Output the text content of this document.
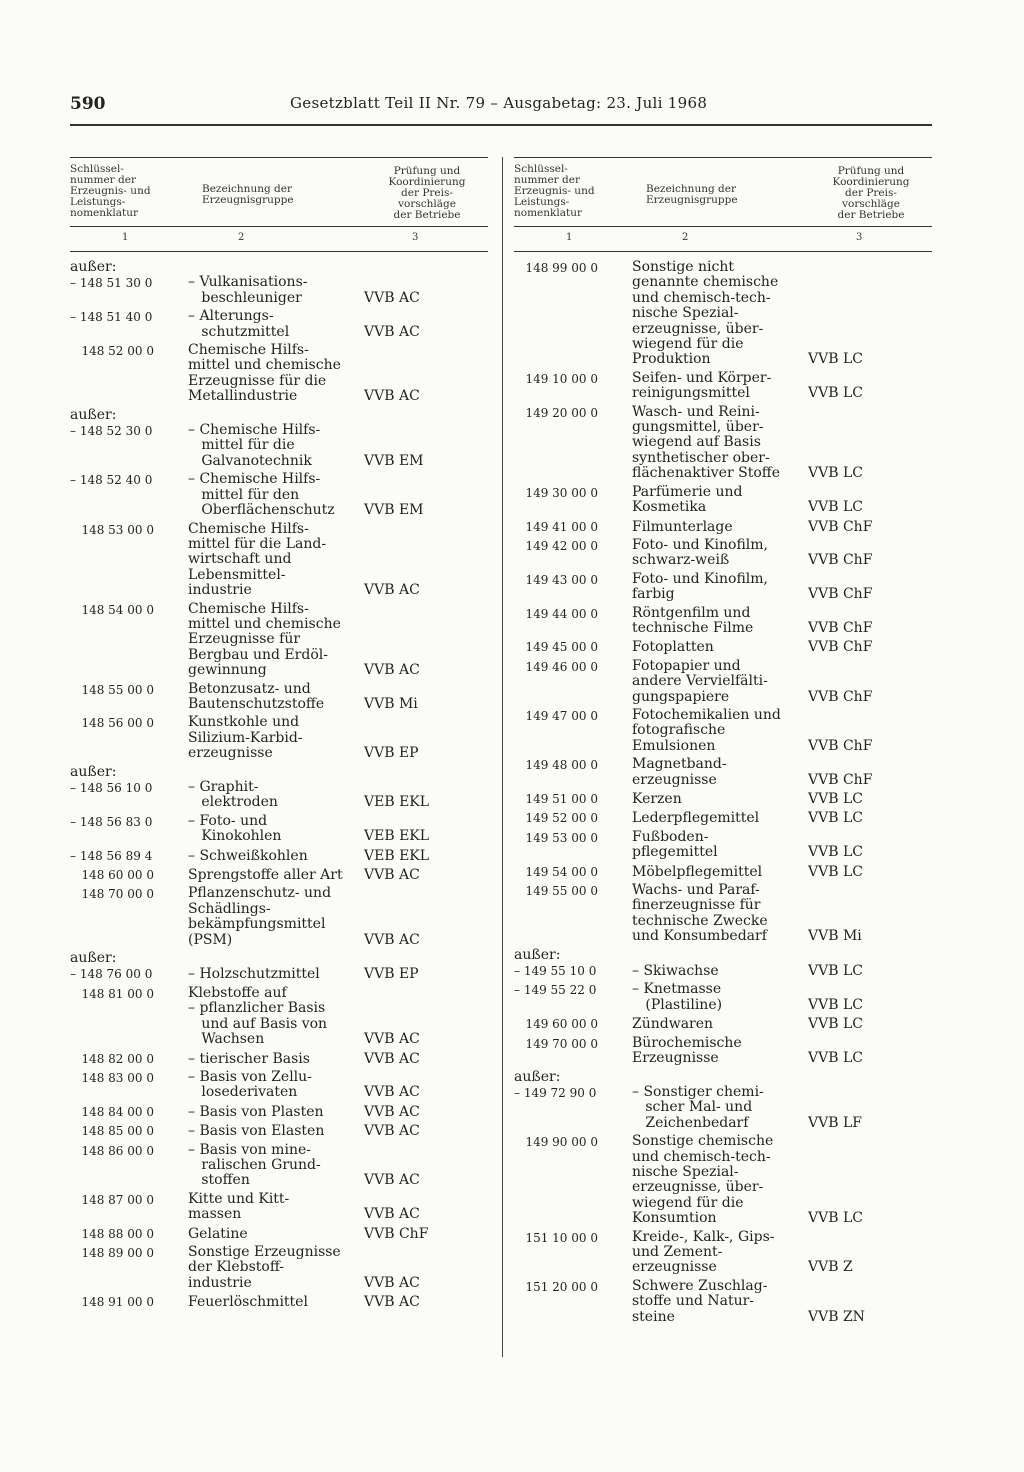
590	Gesetzblatt Teil II Nr. 79 – Ausgabetag: 23. Juli 1968
Schlüssel-
nummer der
Erzeugnis- und
Leistungs-
nomenklatur
Bezeichnung der
Erzeugnisgruppe
Prüfung und
Koordinierung
der Preis-
vorschläge
der Betriebe
1	2	3
außer:
– 148 51 30 0	– Vulkanisations-
beschleuniger	VVB AC
– 148 51 40 0	– Alterungs-
schutzmittel	VVB AC
148 52 00 0	Chemische Hilfs-
mittel und chemische
Erzeugnisse für die
Metallindustrie	VVB AC
außer:
– 148 52 30 0	– Chemische Hilfs-
mittel für die
Galvanotechnik	VVB EM
– 148 52 40 0	– Chemische Hilfs-
mittel für den
Oberflächenschutz	VVB EM
148 53 00 0	Chemische Hilfs-
mittel für die Land-
wirtschaft und
Lebensmittel-
industrie	VVB AC
148 54 00 0	Chemische Hilfs-
mittel und chemische
Erzeugnisse für
Bergbau und Erdöl-
gewinnung	VVB AC
148 55 00 0	Betonzusatz- und
Bautenschutzstoffe	VVB Mi
148 56 00 0	Kunstkohle und
Silizium-Karbid-
erzeugnisse	VVB EP
außer:
– 148 56 10 0	– Graphit-
elektroden	VEB EKL
– 148 56 83 0	– Foto- und
Kinokohlen	VEB EKL
– 148 56 89 4	– Schweißkohlen	VEB EKL
148 60 00 0	Sprengstoffe aller Art	VVB AC
148 70 00 0	Pflanzenschutz- und
Schädlings-
bekämpfungsmittel
(PSM)	VVB AC
außer:
– 148 76 00 0	– Holzschutzmittel	VVB EP
148 81 00 0	Klebstoffe auf
– pflanzlicher Basis
und auf Basis von
Wachsen	VVB AC
148 82 00 0	– tierischer Basis	VVB AC
148 83 00 0	– Basis von Zellu-
losederivaten	VVB AC
148 84 00 0	– Basis von Plasten	VVB AC
148 85 00 0	– Basis von Elasten	VVB AC
148 86 00 0	– Basis von mine-
ralischen Grund-
stoffen	VVB AC
148 87 00 0	Kitte und Kitt-
massen	VVB AC
148 88 00 0	Gelatine	VVB ChF
148 89 00 0	Sonstige Erzeugnisse
der Klebstoff-
industrie	VVB AC
148 91 00 0	Feuerlöschmittel	VVB AC
Schlüssel-
nummer der
Erzeugnis- und
Leistungs-
nomenklatur
Bezeichnung der
Erzeugnisgruppe
Prüfung und
Koordinierung
der Preis-
vorschläge
der Betriebe
1	2	3
148 99 00 0	Sonstige nicht
genannte chemische
und chemisch-tech-
nische Spezial-
erzeugnisse, über-
wiegend für die
Produktion	VVB LC
149 10 00 0	Seifen- und Körper-
reinigungsmittel	VVB LC
149 20 00 0	Wasch- und Reini-
gungsmittel, über-
wiegend auf Basis
synthetischer ober-
flächenaktiver Stoffe	VVB LC
149 30 00 0	Parfümerie und
Kosmetika	VVB LC
149 41 00 0	Filmunterlage	VVB ChF
149 42 00 0	Foto- und Kinofilm,
schwarz-weiß	VVB ChF
149 43 00 0	Foto- und Kinofilm,
farbig	VVB ChF
149 44 00 0	Röntgenfilm und
technische Filme	VVB ChF
149 45 00 0	Fotoplatten	VVB ChF
149 46 00 0	Fotopapier und
andere Vervielfälti-
gungspapiere	VVB ChF
149 47 00 0	Fotochemikalien und
fotografische
Emulsionen	VVB ChF
149 48 00 0	Magnetband-
erzeugnisse	VVB ChF
149 51 00 0	Kerzen	VVB LC
149 52 00 0	Lederpflegemittel	VVB LC
149 53 00 0	Fußboden-
pflegemittel	VVB LC
149 54 00 0	Möbelpflegemittel	VVB LC
149 55 00 0	Wachs- und Paraf-
finerzeugnisse für
technische Zwecke
und Konsumbedarf	VVB Mi
außer:
– 149 55 10 0	– Skiwachse	VVB LC
– 149 55 22 0	– Knetmasse
(Plastiline)	VVB LC
149 60 00 0	Zündwaren	VVB LC
149 70 00 0	Bürochemische
Erzeugnisse	VVB LC
außer:
– 149 72 90 0	– Sonstiger chemi-
scher Mal- und
Zeichenbedarf	VVB LF
149 90 00 0	Sonstige chemische
und chemisch-tech-
nische Spezial-
erzeugnisse, über-
wiegend für die
Konsumtion	VVB LC
151 10 00 0	Kreide-, Kalk-, Gips-
und Zement-
erzeugnisse	VVB Z
151 20 00 0	Schwere Zuschlag-
stoffe und Natur-
steine	VVB ZN
